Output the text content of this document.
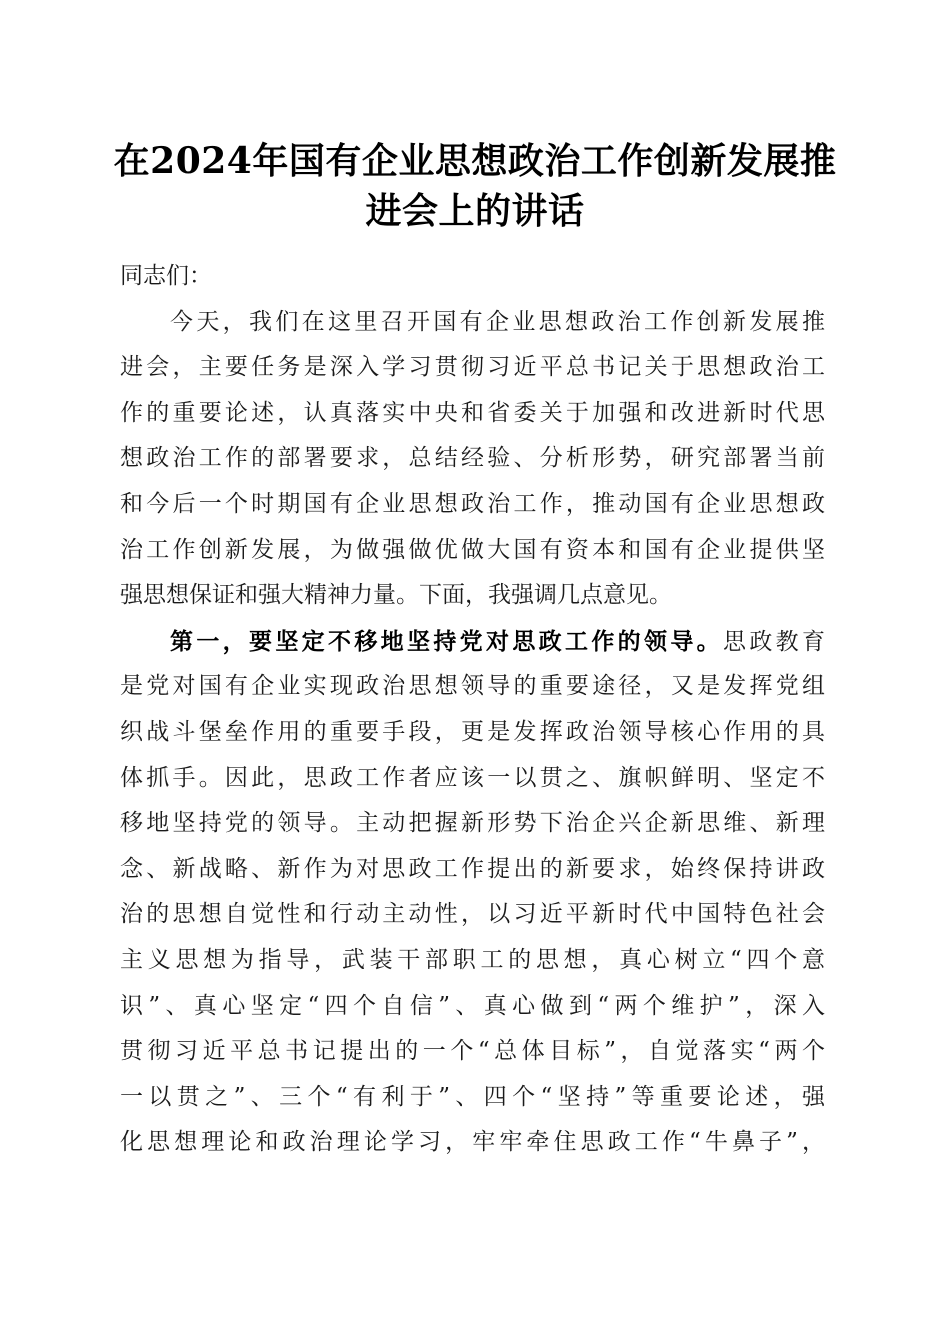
在2024年国有企业思想政治工作创新发展推
进会上的讲话
同志们：
今天，我们在这里召开国有企业思想政治工作创新发展推
进会，主要任务是深入学习贯彻习近平总书记关于思想政治工
作的重要论述，认真落实中央和省委关于加强和改进新时代思
想政治工作的部署要求，总结经验、分析形势，研究部署当前
和今后一个时期国有企业思想政治工作，推动国有企业思想政
治工作创新发展，为做强做优做大国有资本和国有企业提供坚
强思想保证和强大精神力量。下面，我强调几点意见。
第一，要坚定不移地坚持党对思政工作的领导。思政教育
是党对国有企业实现政治思想领导的重要途径，又是发挥党组
织战斗堡垒作用的重要手段，更是发挥政治领导核心作用的具
体抓手。因此，思政工作者应该一以贯之、旗帜鲜明、坚定不
移地坚持党的领导。主动把握新形势下治企兴企新思维、新理
念、新战略、新作为对思政工作提出的新要求，始终保持讲政
治的思想自觉性和行动主动性，以习近平新时代中国特色社会
主义思想为指导，武装干部职工的思想，真心树立“四个意
识”、真心坚定“四个自信”、真心做到“两个维护”，深入
贯彻习近平总书记提出的一个“总体目标”，自觉落实“两个
一以贯之”、三个“有利于”、四个“坚持”等重要论述，强
化思想理论和政治理论学习，牢牢牵住思政工作“牛鼻子”，
